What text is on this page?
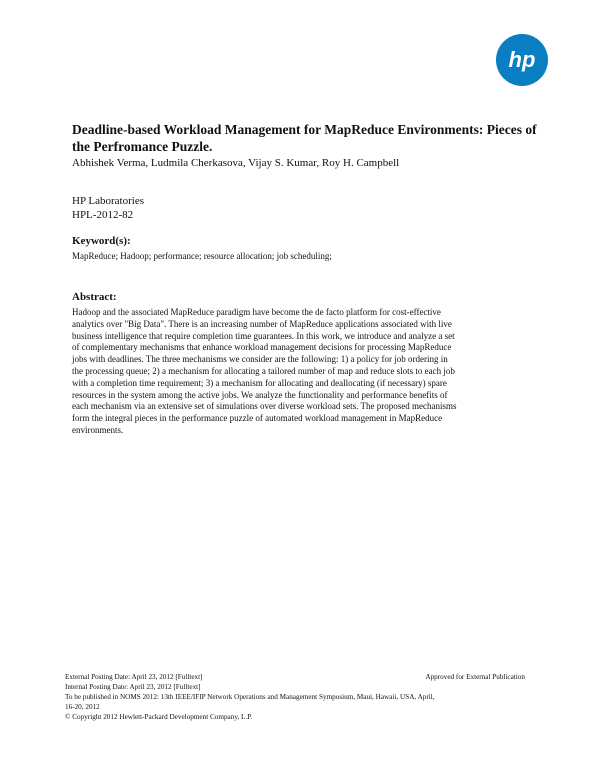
hp
Deadline-based Workload Management for MapReduce Environments: Pieces of the Perfromance Puzzle.
Abhishek Verma, Ludmila Cherkasova, Vijay S. Kumar, Roy H. Campbell
HP Laboratories
HPL-2012-82
Keyword(s):
MapReduce; Hadoop; performance; resource allocation; job scheduling;
Abstract:
Hadoop and the associated MapReduce paradigm have become the de facto platform for cost-effective
analytics over "Big Data". There is an increasing number of MapReduce applications associated with live
business intelligence that require completion time guarantees. In this work, we introduce and analyze a set
of complementary mechanisms that enhance workload management decisions for processing MapReduce
jobs with deadlines. The three mechanisms we consider are the following: 1) a policy for job ordering in
the processing queue; 2) a mechanism for allocating a tailored number of map and reduce slots to each job
with a completion time requirement; 3) a mechanism for allocating and deallocating (if necessary) spare
resources in the system among the active jobs. We analyze the functionality and performance benefits of
each mechanism via an extensive set of simulations over diverse workload sets. The proposed mechanisms
form the integral pieces in the performance puzzle of automated workload management in MapReduce
environments.
External Posting Date: April 23, 2012 [Fulltext]	Approved for External Publication
Internal Posting Date: April 23, 2012 [Fulltext]
To be published in NOMS 2012: 13th IEEE/IFIP Network Operations and Management Symposium, Maui, Hawaii, USA, April,
16-20, 2012
© Copyright 2012 Hewlett-Packard Development Company, L.P.
